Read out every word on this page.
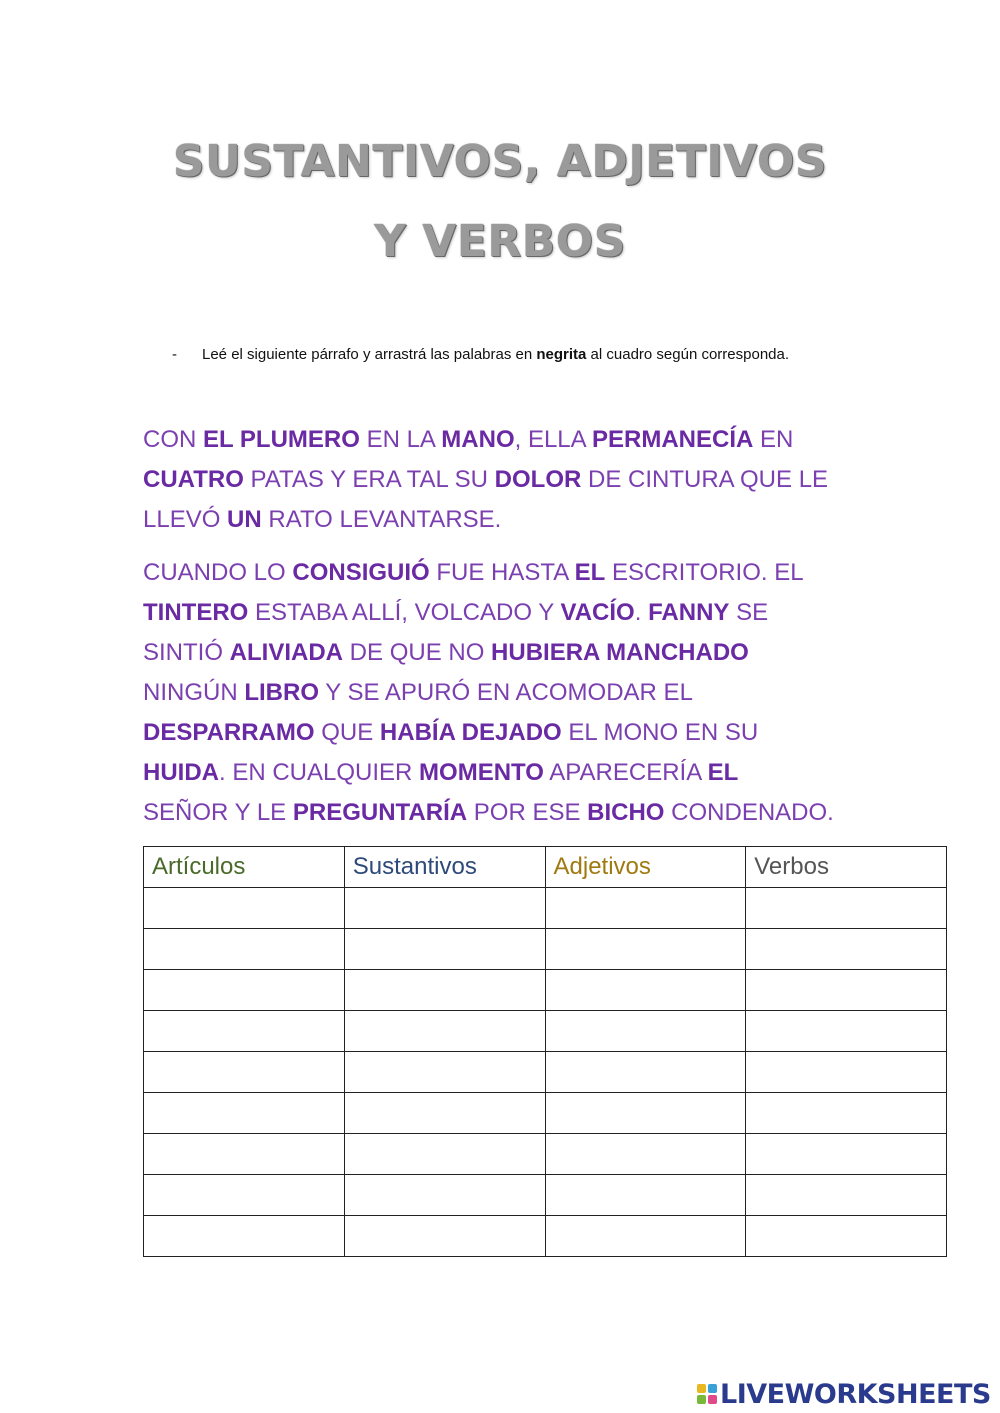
SUSTANTIVOS, ADJETIVOS
Y VERBOS
- Leé el siguiente párrafo y arrastrá las palabras en negrita al cuadro según corresponda.
CON EL PLUMERO EN LA MANO, ELLA PERMANECÍA EN
CUATRO PATAS Y ERA TAL SU DOLOR DE CINTURA QUE LE
LLEVÓ UN RATO LEVANTARSE.
CUANDO LO CONSIGUIÓ FUE HASTA EL ESCRITORIO. EL
TINTERO ESTABA ALLÍ, VOLCADO Y VACÍO. FANNY SE
SINTIÓ ALIVIADA DE QUE NO HUBIERA MANCHADO
NINGÚN LIBRO Y SE APURÓ EN ACOMODAR EL
DESPARRAMO QUE HABÍA DEJADO EL MONO EN SU
HUIDA. EN CUALQUIER MOMENTO APARECERÍA EL
SEÑOR Y LE PREGUNTARÍA POR ESE BICHO CONDENADO.
Artículos	Sustantivos	Adjetivos	Verbos

LIVEWORKSHEETS
